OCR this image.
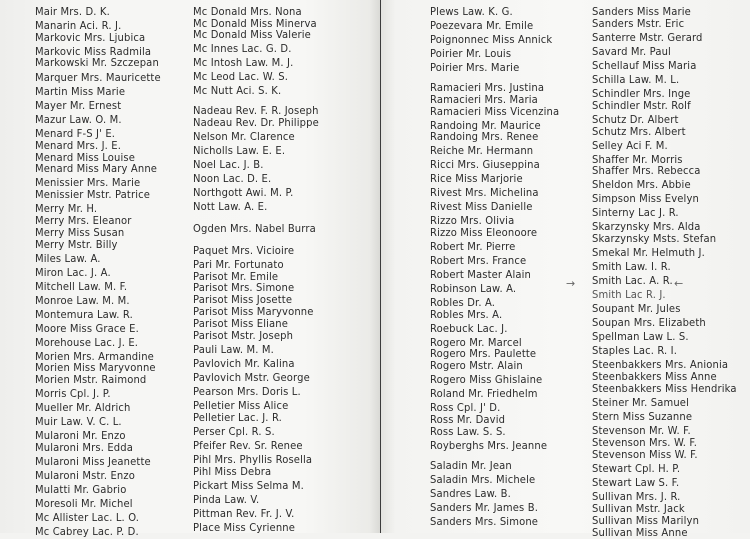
Mair Mrs. D. K.
Manarin Aci. R. J.
Markovic Mrs. Ljubica
Markovic Miss Radmila
Markowski Mr. Szczepan
Marquer Mrs. Mauricette
Martin Miss Marie
Mayer Mr. Ernest
Mazur Law. O. M.
Menard F-S J' E.
Menard Mrs. J. E.
Menard Miss Louise
Menard Miss Mary Anne
Menissier Mrs. Marie
Menissier Mstr. Patrice
Merry Mr. H.
Merry Mrs. Eleanor
Merry Miss Susan
Merry Mstr. Billy
Miles Law. A.
Miron Lac. J. A.
Mitchell Law. M. F.
Monroe Law. M. M.
Montemura Law. R.
Moore Miss Grace E.
Morehouse Lac. J. E.
Morien Mrs. Armandine
Morien Miss Maryvonne
Morien Mstr. Raimond
Morris Cpl. J. P.
Mueller Mr. Aldrich
Muir Law. V. C. L.
Mularoni Mr. Enzo
Mularoni Mrs. Edda
Mularoni Miss Jeanette
Mularoni Mstr. Enzo
Mulatti Mr. Gabrio
Moresoli Mr. Michel
Mc Allister Lac. L. O.
Mc Cabrey Lac. P. D.
Mc Donald Mrs. Nona
Mc Donald Miss Minerva
Mc Donald Miss Valerie
Mc Innes Lac. G. D.
Mc Intosh Law. M. J.
Mc Leod Lac. W. S.
Mc Nutt Aci. S. K.
Nadeau Rev. F. R. Joseph
Nadeau Rev. Dr. Philippe
Nelson Mr. Clarence
Nicholls Law. E. E.
Noel Lac. J. B.
Noon Lac. D. E.
Northgott Awi. M. P.
Nott Law. A. E.
Ogden Mrs. Nabel Burra
Paquet Mrs. Vicioire
Pari Mr. Fortunato
Parisot Mr. Emile
Parisot Mrs. Simone
Parisot Miss Josette
Parisot Miss Maryvonne
Parisot Miss Eliane
Parisot Mstr. Joseph
Pauli Law. M. M.
Pavlovich Mr. Kalina
Pavlovich Mstr. George
Pearson Mrs. Doris L.
Pelletier Miss Alice
Pelletier Lac. J. R.
Perser Cpl. R. S.
Pfeifer Rev. Sr. Renee
Pihl Mrs. Phyllis Rosella
Pihl Miss Debra
Pickart Miss Selma M.
Pinda Law. V.
Pittman Rev. Fr. J. V.
Place Miss Cyrienne
Plews Law. K. G.
Poezevara Mr. Emile
Poignonnec Miss Annick
Poirier Mr. Louis
Poirier Mrs. Marie
Ramacieri Mrs. Justina
Ramacieri Mrs. Maria
Ramacieri Miss Vicenzina
Randoing Mr. Maurice
Randoing Mrs. Renee
Reiche Mr. Hermann
Ricci Mrs. Giuseppina
Rice Miss Marjorie
Rivest Mrs. Michelina
Rivest Miss Danielle
Rizzo Mrs. Olivia
Rizzo Miss Eleonoore
Robert Mr. Pierre
Robert Mrs. France
Robert Master Alain
Robinson Law. A.
Robles Dr. A.
Robles Mrs. A.
Roebuck Lac. J.
Rogero Mr. Marcel
Rogero Mrs. Paulette
Rogero Mstr. Alain
Rogero Miss Ghislaine
Roland Mr. Friedhelm
Ross Cpl. J' D.
Ross Mr. David
Ross Law. S. S.
Royberghs Mrs. Jeanne
Saladin Mr. Jean
Saladin Mrs. Michele
Sandres Law. B.
Sanders Mr. James B.
Sanders Mrs. Simone
Sanders Miss Marie
Sanders Mstr. Eric
Santerre Mstr. Gerard
Savard Mr. Paul
Schellauf Miss Maria
Schilla Law. M. L.
Schindler Mrs. Inge
Schindler Mstr. Rolf
Schutz Dr. Albert
Schutz Mrs. Albert
Selley Aci F. M.
Shaffer Mr. Morris
Shaffer Mrs. Rebecca
Sheldon Mrs. Abbie
Simpson Miss Evelyn
Sinterny Lac J. R.
Skarzynsky Mrs. Alda
Skarzynsky Msts. Stefan
Smekal Mr. Helmuth J.
Smith Law. I. R.
Smith Lac. A. R.
Smith Lac R. J.
Soupant Mr. Jules
Soupan Mrs. Elizabeth
Spellman Law L. S.
Staples Lac. R. I.
Steenbakkers Mrs. Anionia
Steenbakkers Miss Anne
Steenbakkers Miss Hendrika
Steiner Mr. Samuel
Stern Miss Suzanne
Stevenson Mr. W. F.
Stevenson Mrs. W. F.
Stevenson Miss W. F.
Stewart Cpl. H. P.
Stewart Law S. F.
Sullivan Mrs. J. R.
Sullivan Mstr. Jack
Sullivan Miss Marilyn
Sullivan Miss Anne
→	←
